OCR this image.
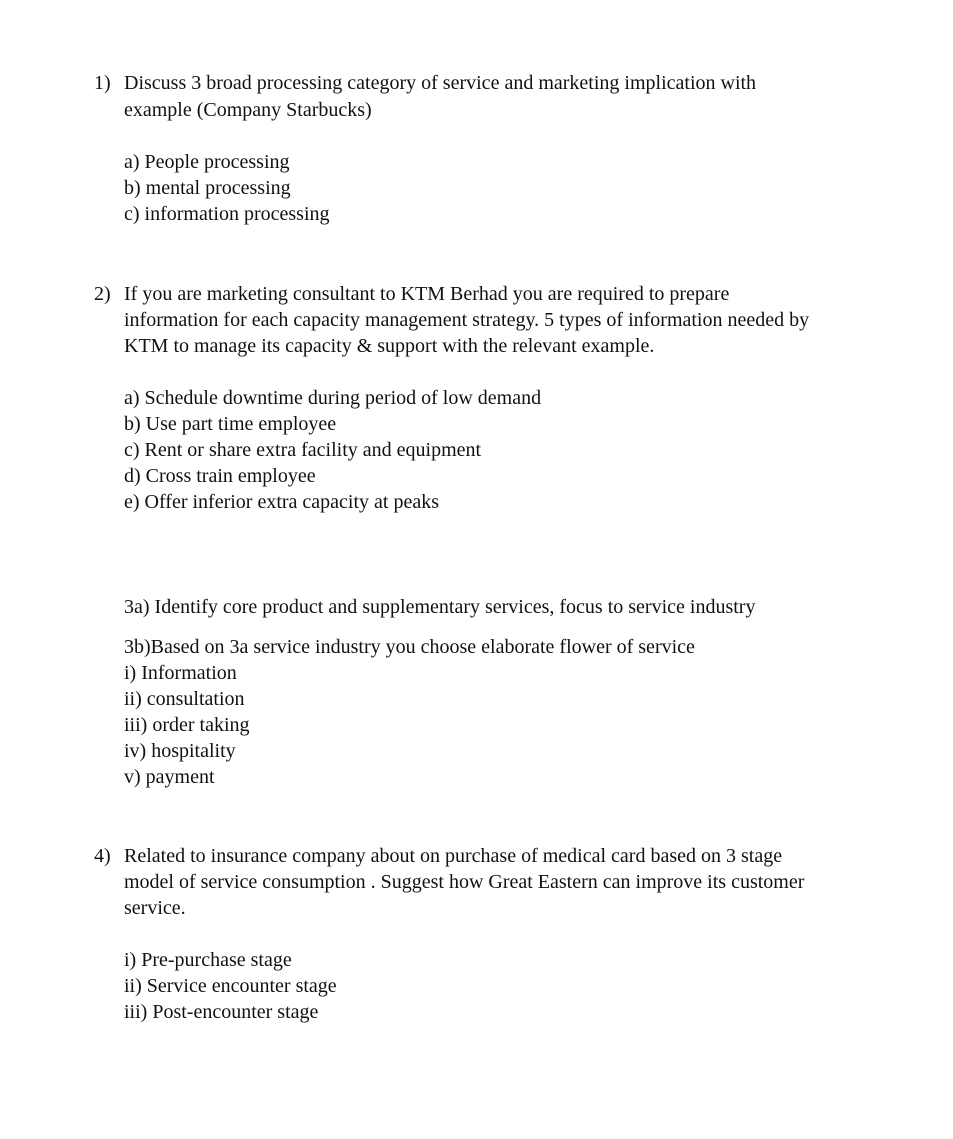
1) Discuss 3 broad processing category of service and marketing implication with
example (Company Starbucks)
a) People processing
b) mental processing
c) information processing
2) If you are marketing consultant to KTM Berhad you are required to prepare
information for each capacity management strategy. 5 types of information needed by
KTM to manage its capacity & support with the relevant example.
a) Schedule downtime during period of low demand
b) Use part time employee
c) Rent or share extra facility and equipment
d) Cross train employee
e) Offer inferior extra capacity at peaks
3a) Identify core product and supplementary services, focus to service industry
3b)Based on 3a service industry you choose elaborate flower of service
i) Information
ii) consultation
iii) order taking
iv) hospitality
v) payment
4) Related to insurance company about on purchase of medical card based on 3 stage
model of service consumption . Suggest how Great Eastern can improve its customer
service.
i) Pre-purchase stage
ii) Service encounter stage
iii) Post-encounter stage
